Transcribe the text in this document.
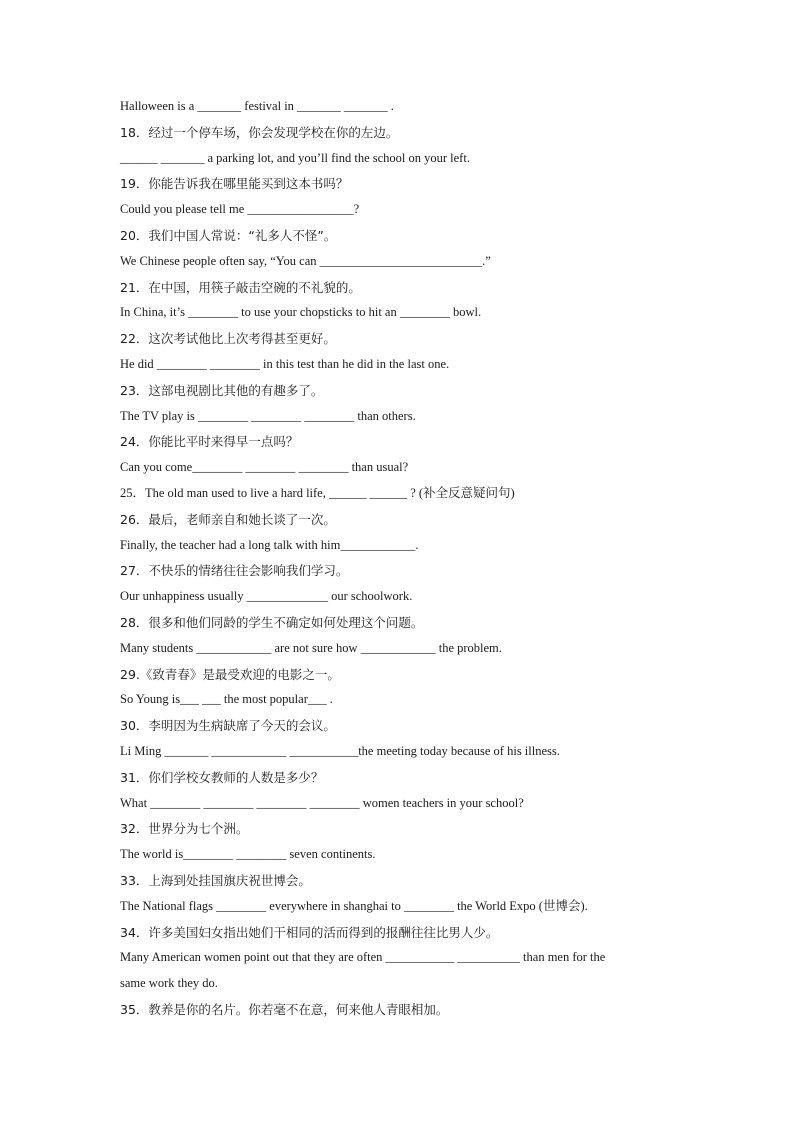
Halloween is a _______ festival in _______ _______ .
18．经过一个停车场，你会发现学校在你的左边。
______ _______ a parking lot, and you’ll find the school on your left.
19．你能告诉我在哪里能买到这本书吗？
Could you please tell me _________________?
20．我们中国人常说：“礼多人不怪”。
We Chinese people often say, “You can __________________________.”
21．在中国，用筷子敲击空碗的不礼貌的。
In China, it’s ________ to use your chopsticks to hit an ________ bowl.
22．这次考试他比上次考得甚至更好。
He did ________ ________ in this test than he did in the last one.
23．这部电视剧比其他的有趣多了。
The TV play is ________ ________ ________ than others.
24．你能比平时来得早一点吗？
Can you come________ ________ ________ than usual?
25．The old man used to live a hard life, ______ ______ ? (补全反意疑问句)
26．最后，老师亲自和她长谈了一次。
Finally, the teacher had a long talk with him____________.
27．不快乐的情绪往往会影响我们学习。
Our unhappiness usually _____________ our schoolwork.
28．很多和他们同龄的学生不确定如何处理这个问题。
Many students ____________ are not sure how ____________ the problem.
29.《致青春》是最受欢迎的电影之一。
So Young is___ ___ the most popular___ .
30．李明因为生病缺席了今天的会议。
Li Ming _______ ____________ ___________the meeting today because of his illness.
31．你们学校女教师的人数是多少？
What ________ ________ ________ ________ women teachers in your school?
32．世界分为七个洲。
The world is________ ________ seven continents.
33．上海到处挂国旗庆祝世博会。
The National flags ________ everywhere in shanghai to ________ the World Expo (世博会).
34．许多美国妇女指出她们干相同的活而得到的报酬往往比男人少。
Many American women point out that they are often ___________ __________ than men for the
same work they do.
35．教养是你的名片。你若毫不在意，何来他人青眼相加。
